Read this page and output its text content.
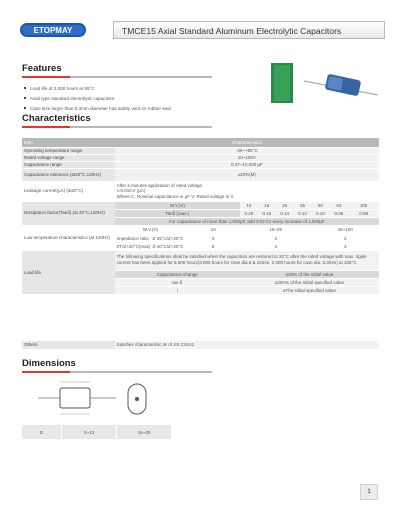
ETOPMAY	TMCE15 Axial Standard Aluminum Electrolytic Capacitors
Features
Load life of 2,000 hours at 85°C
Axial type standard electrolytic capacitors
Case size larger than 6.3mm diameter has safety vent on rubber seal
Characteristics
Item	Characteristics									
Operating temperature range	-40~+85°C									
Rated voltage range	10~100V									
Capacitance range	0.47~10,000 μF									
Capacitance tolerance (at20°C,120Hz)	±20%(M)									
Leakage current(μA) (at20°C)	After 2 minutes application of rated voltage
I=0.01CV (μA)
Where C: Nominal capacitance in μF V: Rated voltage in V.									

Dissipation factor(Tanδ) (at 20°C,120Hz)	W.V.(V)			10	16	25	35	50	63	100
	Tanδ (max.)			0.20	0.16	0.14	0.12	0.10	0.09	0.08
	For capacitance of more than 1,000μF, add 0.02 for every increase of 1,000μF									
Low temperature characteristics (at 120Hz)	W.V.(V)		10	16~25				35~100		
	Impedance ratio	Z-25°C/Z+20°C	3	2				2		
	ZT/Z+20°C(max)	Z-40°C/Z+20°C	8	4				3		
Load life	The following specifications shall be satisfied when the capacitors are restored to 20°C after the rated voltage with max. ripple current has been applied for 5,000 hours(3,000 hours for case dia.6 & 10mm, 2,000 hours for case dia. 6.3mm) at 105°C									
	Capacitance change			≤20% of the initial value						
	tan δ			≤200% of the initial specified value						
	I			≤The initial specified value						

Others	Satisfies characteristic W of JIS C5141									
Dimensions
D	5~13	16~25
1
